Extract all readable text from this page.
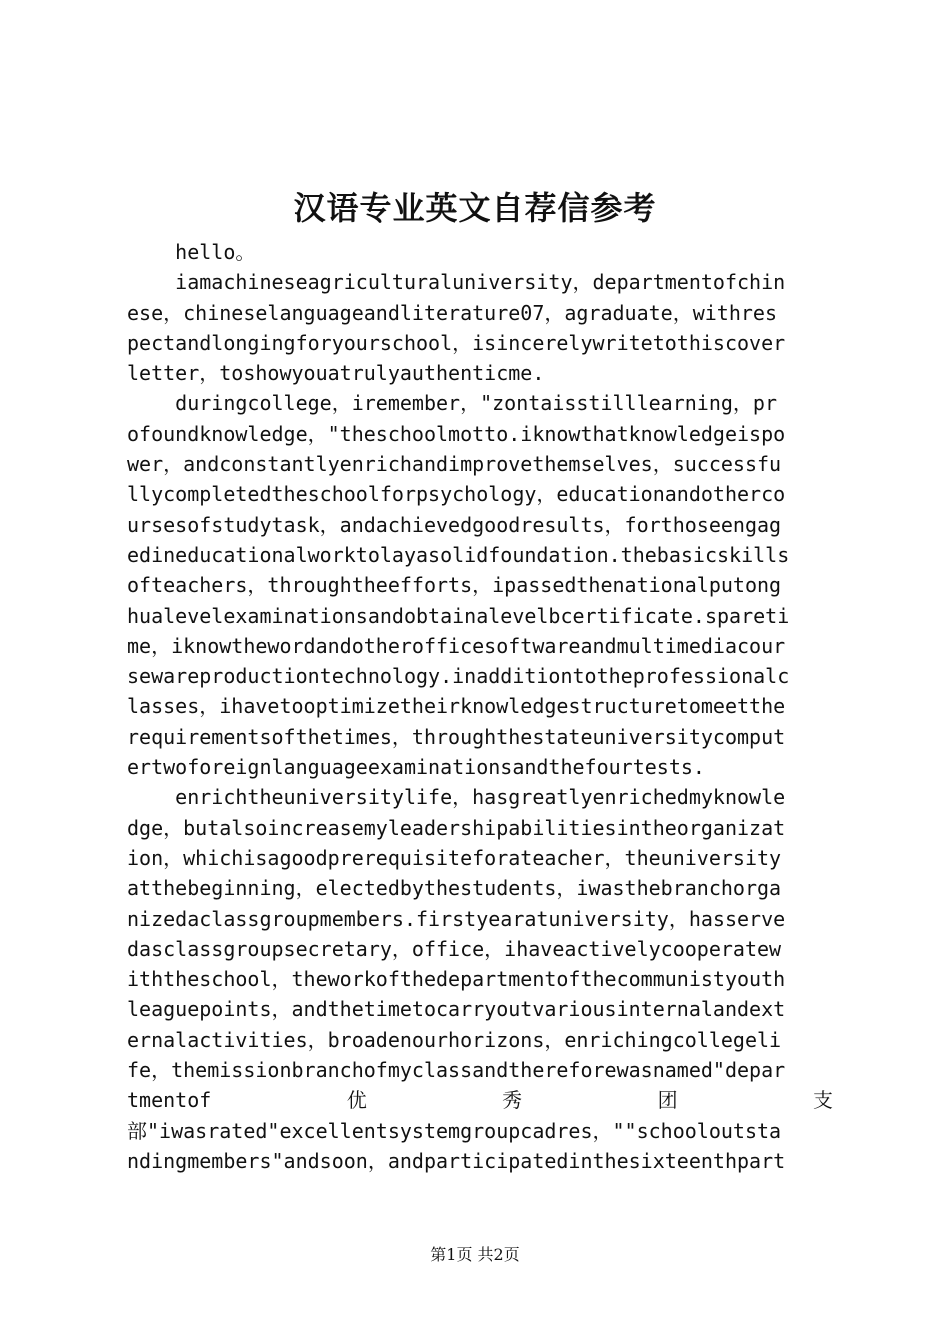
汉语专业英文自荐信参考
hello。
iamachineseagriculturaluniversity，departmentofchin
ese，chineselanguageandliterature07，agraduate，withres
pectandlongingforyourschool，isincerelywritetothiscover
letter，toshowyouatrulyauthenticme.
duringcollege，iremember，"zontaisstilllearning，pr
ofoundknowledge，"theschoolmotto.iknowthatknowledgeispo
wer，andconstantlyenrichandimprovethemselves，successfu
llycompletedtheschoolforpsychology，educationandotherco
ursesofstudytask，andachievedgoodresults，forthoseengag
edineducationalworktolayasolidfoundation.thebasicskills
ofteachers，throughtheefforts，ipassedthenationalputong
hualevelexaminationsandobtainalevelbcertificate.spareti
me，iknowthewordandotherofficesoftwareandmultimediacour
sewareproductiontechnology.inadditiontotheprofessionalc
lasses，ihavetooptimizetheirknowledgestructuretomeetthe
requirementsofthetimes，throughthestateuniversitycomput
ertwoforeignlanguageexaminationsandthefourtests.
enrichtheuniversitylife，hasgreatlyenrichedmyknowle
dge，butalsoincreasemyleadershipabilitiesintheorganizat
ion，whichisagoodprerequisiteforateacher，theuniversity
atthebeginning，electedbythestudents，iwasthebranchorga
nizedaclassgroupmembers.firstyearatuniversity，hasserve
dasclassgroupsecretary，office，ihaveactivelycooperatew
iththeschool，theworkofthedepartmentofthecommunistyouth
leaguepoints，andthetimetocarryoutvariousinternalandext
ernalactivities，broadenourhorizons，enrichingcollegeli
fe，themissionbranchofmyclassandthereforewasnamed"depar
tmentof	优	秀	团	支
部"iwasrated"excellentsystemgroupcadres，""schooloutsta
ndingmembers"andsoon，andparticipatedinthesixteenthpart
第1页 共2页
